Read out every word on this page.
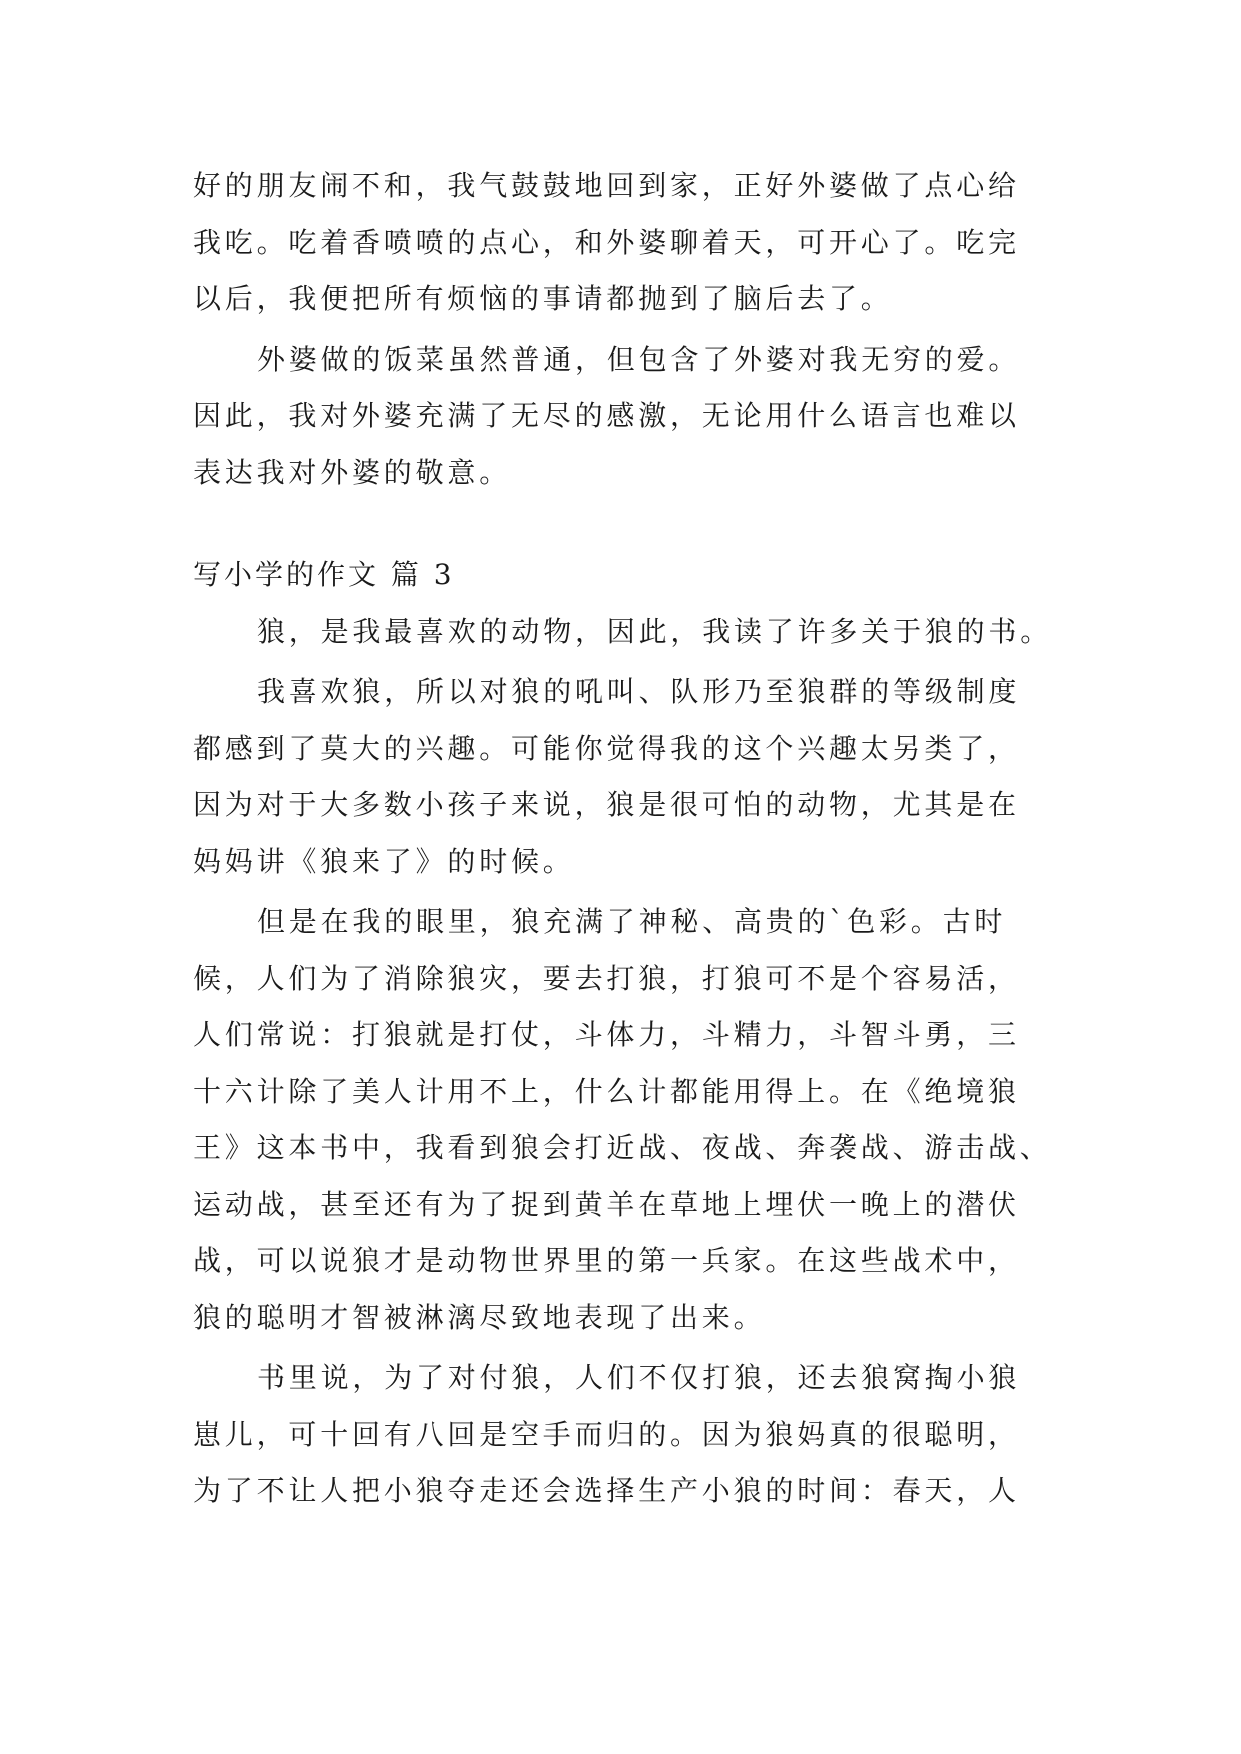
好的朋友闹不和，我气鼓鼓地回到家，正好外婆做了点心给
我吃。吃着香喷喷的点心，和外婆聊着天，可开心了。吃完
以后，我便把所有烦恼的事请都抛到了脑后去了。
外婆做的饭菜虽然普通，但包含了外婆对我无穷的爱。
因此，我对外婆充满了无尽的感激，无论用什么语言也难以
表达我对外婆的敬意。
写小学的作文 篇 3
狼，是我最喜欢的动物，因此，我读了许多关于狼的书。
我喜欢狼，所以对狼的吼叫、队形乃至狼群的等级制度
都感到了莫大的兴趣。可能你觉得我的这个兴趣太另类了，
因为对于大多数小孩子来说，狼是很可怕的动物，尤其是在
妈妈讲《狼来了》的时候。
但是在我的眼里，狼充满了神秘、高贵的`色彩。古时
候，人们为了消除狼灾，要去打狼，打狼可不是个容易活，
人们常说：打狼就是打仗，斗体力，斗精力，斗智斗勇，三
十六计除了美人计用不上，什么计都能用得上。在《绝境狼
王》这本书中，我看到狼会打近战、夜战、奔袭战、游击战、
运动战，甚至还有为了捉到黄羊在草地上埋伏一晚上的潜伏
战，可以说狼才是动物世界里的第一兵家。在这些战术中，
狼的聪明才智被淋漓尽致地表现了出来。
书里说，为了对付狼，人们不仅打狼，还去狼窝掏小狼
崽儿，可十回有八回是空手而归的。因为狼妈真的很聪明，
为了不让人把小狼夺走还会选择生产小狼的时间：春天，人
